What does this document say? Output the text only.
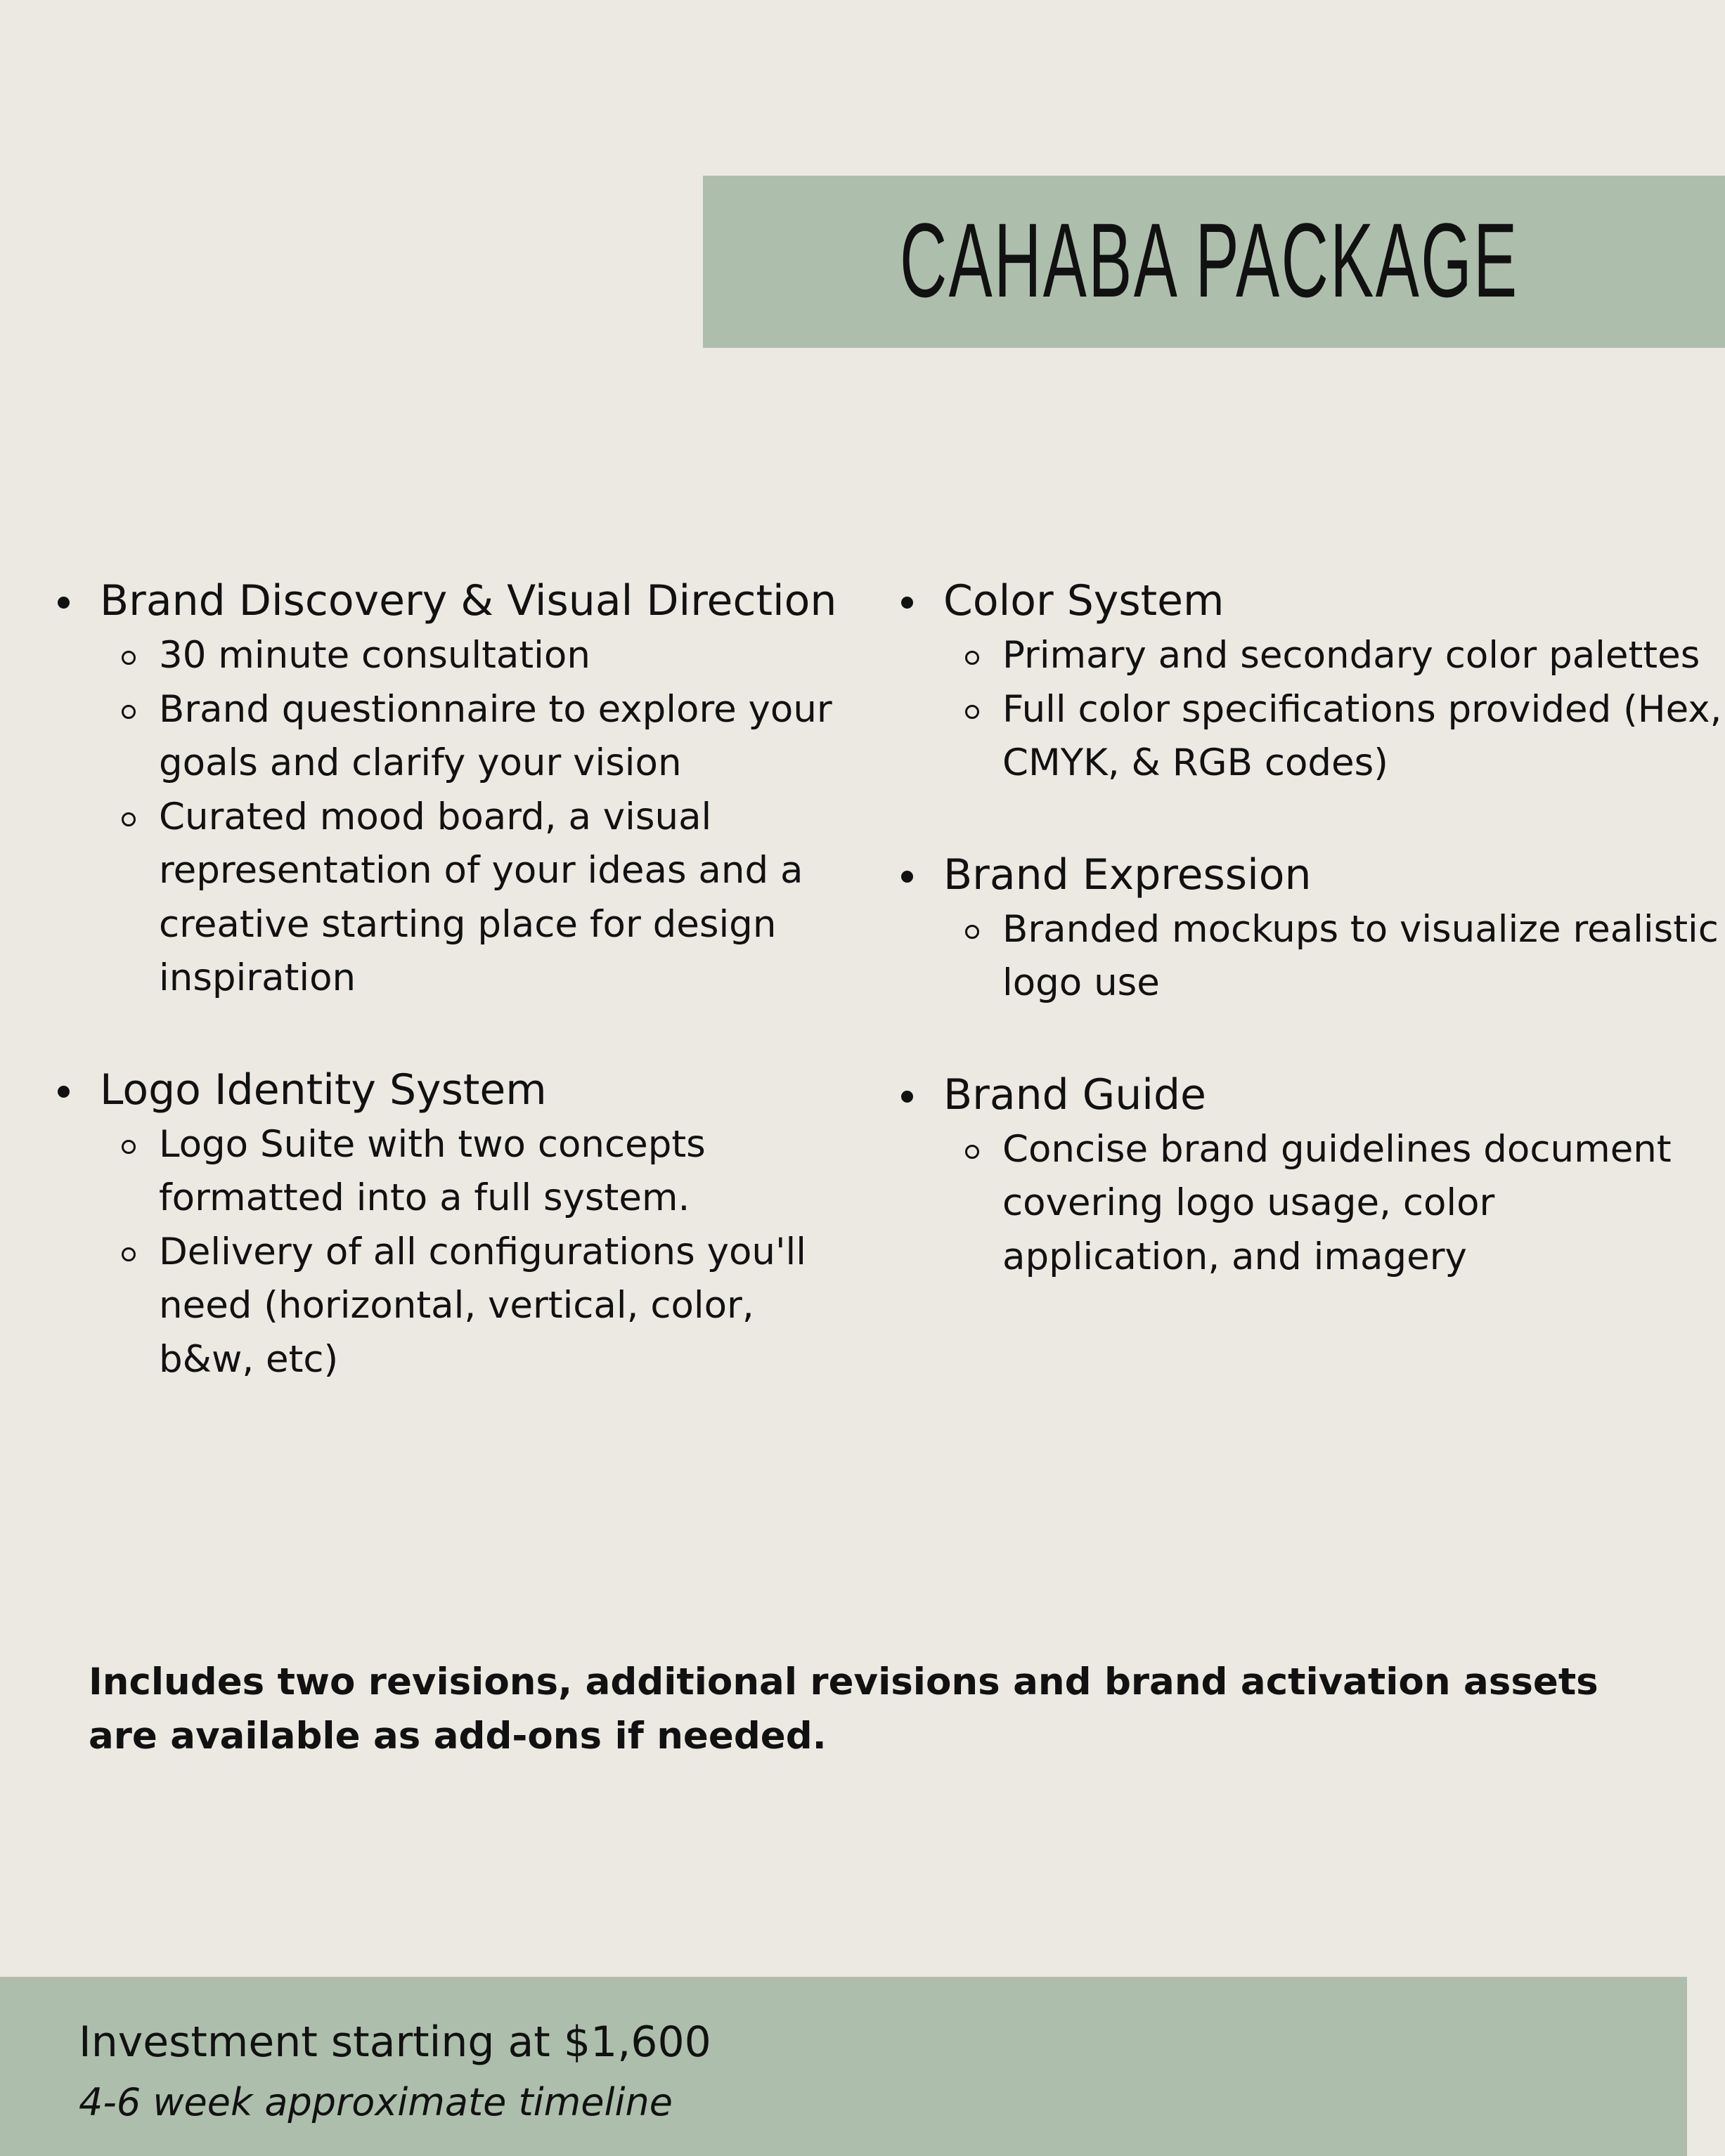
CAHABA PACKAGE
Brand Discovery & Visual Direction
30 minute consultation
Brand questionnaire to explore your goals and clarify your vision
Curated mood board, a visual representation of your ideas and a creative starting place for design inspiration
Logo Identity System
Logo Suite with two concepts formatted into a full system.
Delivery of all configurations you'll need (horizontal, vertical, color, b&w, etc)
Color System
Primary and secondary color palettes
Full color specifications provided (Hex, CMYK, & RGB codes)
Brand Expression
Branded mockups to visualize realistic logo use
Brand Guide
Concise brand guidelines document covering logo usage, color application, and imagery

Includes two revisions, additional revisions and brand activation assets are available as add-ons if needed.

Investment starting at $1,600

4-6 week approximate timeline
